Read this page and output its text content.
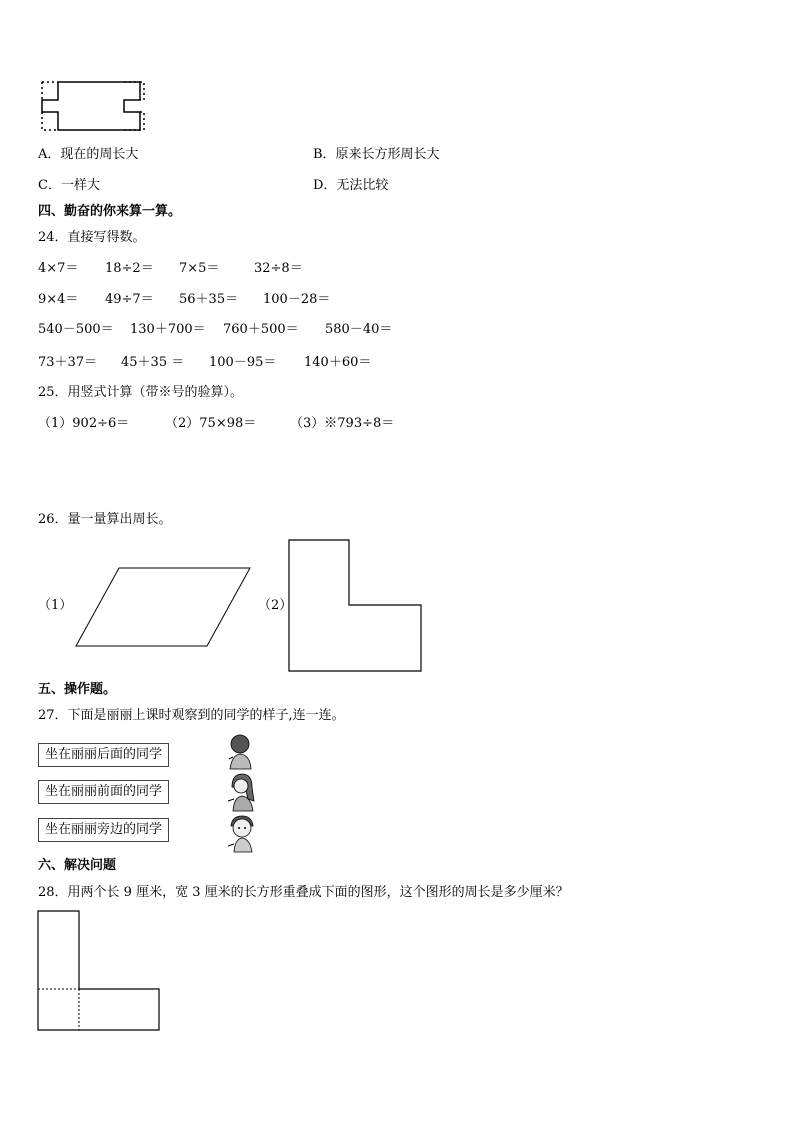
A．现在的周长大	B．原来长方形周长大
C．一样大	D．无法比较
四、勤奋的你来算一算。
24．直接写得数。
4×7＝ 18÷2＝ 7×5＝	32÷8＝
9×4＝ 49÷7＝ 56＋35＝ 100－28＝
540－500＝ 130＋700＝ 760＋500＝ 580－40＝
73＋37＝ 45＋35 ＝ 100－95＝ 140＋60＝
25．用竖式计算（带※号的验算）。
（1）902÷6＝	（2）75×98＝	（3）※793÷8＝
26．量一量算出周长。
（1）	（2）
五、操作题。
27．下面是丽丽上课时观察到的同学的样子,连一连。
坐在丽丽后面的同学
坐在丽丽前面的同学
坐在丽丽旁边的同学
六、解决问题
28．用两个长 9 厘米，宽 3 厘米的长方形重叠成下面的图形，这个图形的周长是多少厘米？
